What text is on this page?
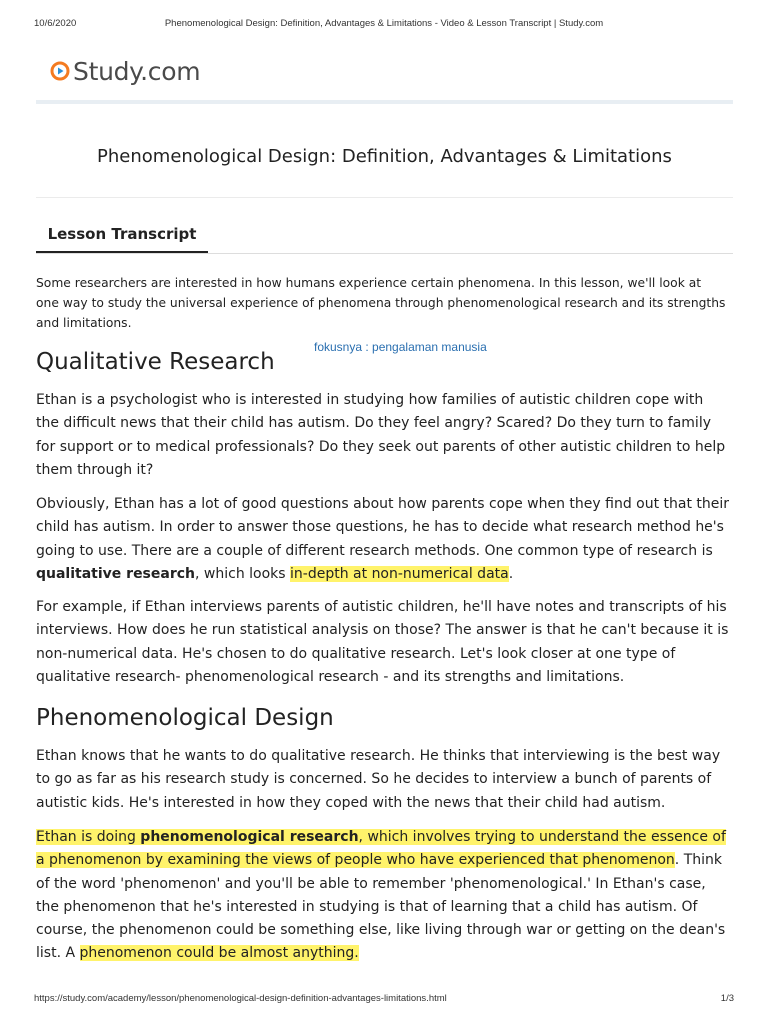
10/6/2020	Phenomenological Design: Definition, Advantages & Limitations - Video & Lesson Transcript | Study.com
Study.com
Phenomenological Design: Definition, Advantages & Limitations
Lesson Transcript

Some researchers are interested in how humans experience certain phenomena. In this lesson, we'll look at one way to study the universal experience of phenomena through phenomenological research and its strengths and limitations.

fokusnya : pengalaman manusia
Qualitative Research

Ethan is a psychologist who is interested in studying how families of autistic children cope with the difficult news that their child has autism. Do they feel angry? Scared? Do they turn to family for support or to medical professionals? Do they seek out parents of other autistic children to help them through it?

Obviously, Ethan has a lot of good questions about how parents cope when they find out that their child has autism. In order to answer those questions, he has to decide what research method he's going to use. There are a couple of different research methods. One common type of research is qualitative research, which looks in-depth at non-numerical data.

For example, if Ethan interviews parents of autistic children, he'll have notes and transcripts of his interviews. How does he run statistical analysis on those? The answer is that he can't because it is non-numerical data. He's chosen to do qualitative research. Let's look closer at one type of qualitative research- phenomenological research - and its strengths and limitations.

Phenomenological Design

Ethan knows that he wants to do qualitative research. He thinks that interviewing is the best way to go as far as his research study is concerned. So he decides to interview a bunch of parents of autistic kids. He's interested in how they coped with the news that their child had autism.

Ethan is doing phenomenological research, which involves trying to understand the essence of a phenomenon by examining the views of people who have experienced that phenomenon. Think of the word 'phenomenon' and you'll be able to remember 'phenomenological.' In Ethan's case, the phenomenon that he's interested in studying is that of learning that a child has autism. Of course, the phenomenon could be something else, like living through war or getting on the dean's list. A phenomenon could be almost anything.

https://study.com/academy/lesson/phenomenological-design-definition-advantages-limitations.html	1/3
